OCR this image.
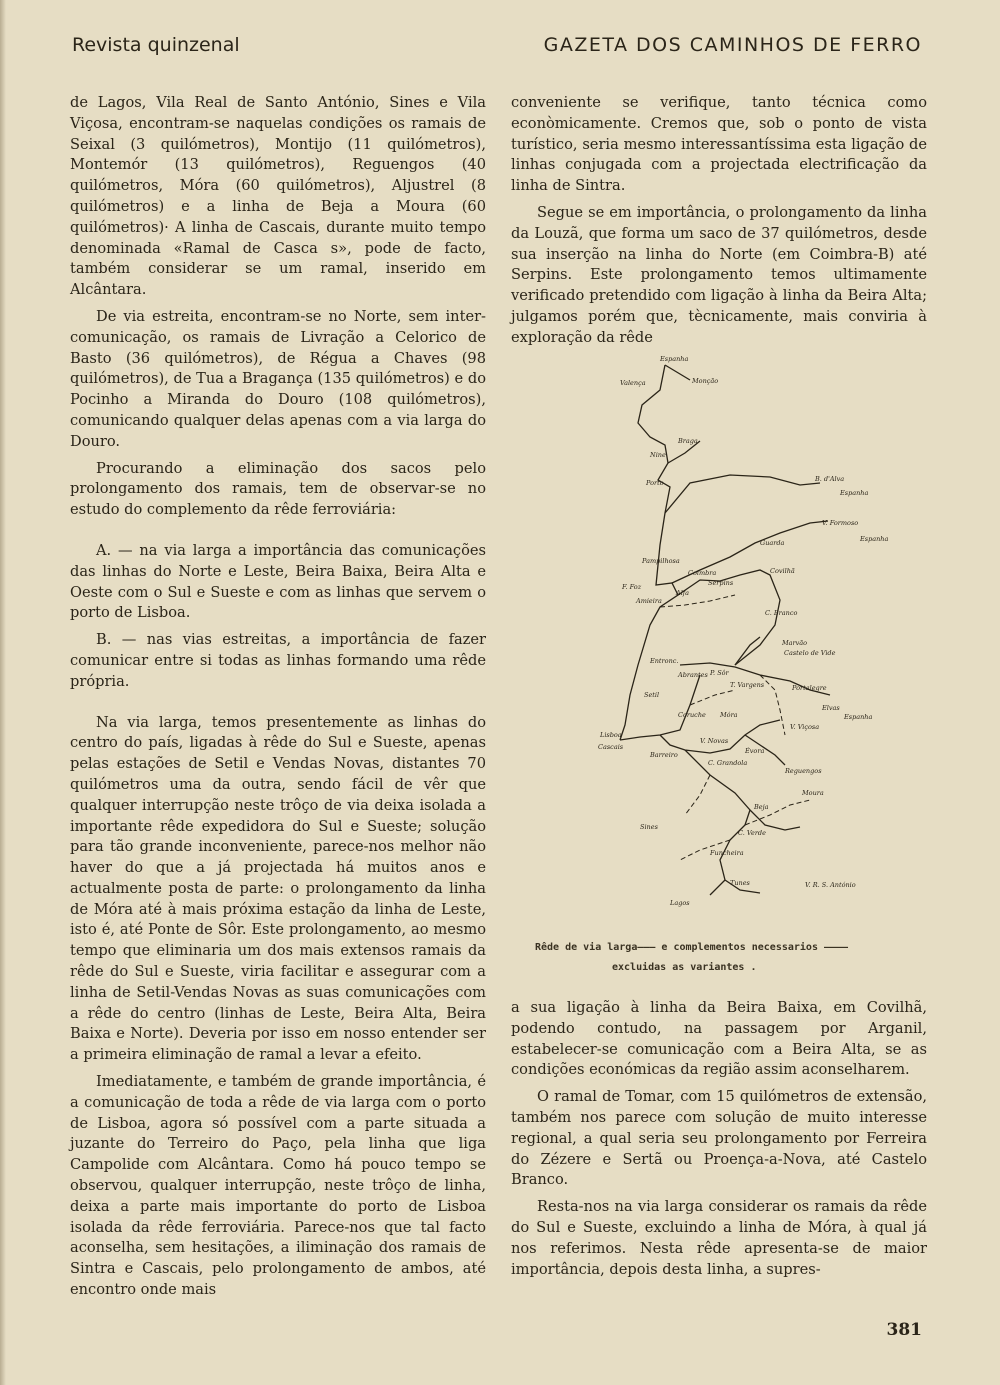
Revista quinzenal	GAZETA DOS CAMINHOS DE FERRO

de Lagos, Vila Real de Santo António, Sines e Vila Viçosa, encontram-se naquelas condições os ramais de Seixal (3 quilómetros), Montijo (11 quilómetros), Montemór (13 quilómetros), Reguengos (40 quilómetros, Móra (60 quilómetros), Aljustrel (8 quilómetros) e a linha de Beja a Moura (60 quilómetros)· A linha de Cascais, durante muito tempo denominada «Ramal de Casca s», pode de facto, também considerar se um ramal, inserido em Alcântara.

De via estreita, encontram-se no Norte, sem inter-comunicação, os ramais de Livração a Celorico de Basto (36 quilómetros), de Régua a Chaves (98 quilómetros), de Tua a Bragança (135 quilómetros) e do Pocinho a Miranda do Douro (108 quilómetros), comunicando qualquer delas apenas com a via larga do Douro.

Procurando a eliminação dos sacos pelo prolongamento dos ramais, tem de observar-se no estudo do complemento da rêde ferroviária:

A. — na via larga a importância das comunicações das linhas do Norte e Leste, Beira Baixa, Beira Alta e Oeste com o Sul e Sueste e com as linhas que servem o porto de Lisboa.

B. — nas vias estreitas, a importância de fazer comunicar entre si todas as linhas formando uma rêde própria.

Na via larga, temos presentemente as linhas do centro do país, ligadas à rêde do Sul e Sueste, apenas pelas estações de Setil e Vendas Novas, distantes 70 quilómetros uma da outra, sendo fácil de vêr que qualquer interrupção neste trôço de via deixa isolada a importante rêde expedidora do Sul e Sueste; solução para tão grande inconveniente, parece-nos melhor não haver do que a já projectada há muitos anos e actualmente posta de parte: o prolongamento da linha de Móra até à mais próxima estação da linha de Leste, isto é, até Ponte de Sôr. Este prolongamento, ao mesmo tempo que eliminaria um dos mais extensos ramais da rêde do Sul e Sueste, viria facilitar e assegurar com a linha de Setil-Vendas Novas as suas comunicações com a rêde do centro (linhas de Leste, Beira Alta, Beira Baixa e Norte). Deveria por isso em nosso entender ser a primeira eliminação de ramal a levar a efeito.

Imediatamente, e também de grande importância, é a comunicação de toda a rêde de via larga com o porto de Lisboa, agora só possível com a parte situada a juzante do Terreiro do Paço, pela linha que liga Campolide com Alcântara. Como há pouco tempo se observou, qualquer interrupção, neste trôço de linha, deixa a parte mais importante do porto de Lisboa isolada da rêde ferroviária. Parece-nos que tal facto aconselha, sem hesitações, a iliminação dos ramais de Sintra e Cascais, pelo prolongamento de ambos, até encontro onde mais

conveniente se verifique, tanto técnica como econòmicamente. Cremos que, sob o ponto de vista turístico, seria mesmo interessantíssima esta ligação de linhas conjugada com a projectada electrificação da linha de Sintra.

Segue se em importância, o prolongamento da linha da Louzã, que forma um saco de 37 quilómetros, desde sua inserção na linha do Norte (em Coimbra-B) até Serpins. Este prolongamento temos ultimamente verificado pretendido com ligação à linha da Beira Alta; julgamos porém que, tècnicamente, mais conviria à exploração da rêde

Espanha
Valença	Monção
Braga
Nine
Porto	B. d'Alva
Espanha
V. Formoso
Espanha
Guarda
Pampilhosa
Coimbra
Serpins
Covilhã
F. Foz
Alfa
Amieira
C. Branco
Marvão
Castelo de Vide
Entronc.
Abrantes P. Sôr
Portalegre
T. Vargens
Elvas
Espanha
Setil
Lisboa
Cascais
Coruche Móra
V. Viçosa
V. Novas
Évora
Barreiro
C. Grandola
Reguengos
Moura
Beja
Sines
C. Verde
Funcheira
Tunes
Lagos
V. R. S. António
Rêde de via larga——— e complementos necessarios ————
excluidas as variantes .

a sua ligação à linha da Beira Baixa, em Covilhã, podendo contudo, na passagem por Arganil, estabelecer-se comunicação com a Beira Alta, se as condições económicas da região assim aconselharem.

O ramal de Tomar, com 15 quilómetros de extensão, também nos parece com solução de muito interesse regional, a qual seria seu prolongamento por Ferreira do Zézere e Sertã ou Proença-a-Nova, até Castelo Branco.

Resta-nos na via larga considerar os ramais da rêde do Sul e Sueste, excluindo a linha de Móra, à qual já nos referimos. Nesta rêde apresenta-se de maior importância, depois desta linha, a supres-

381
